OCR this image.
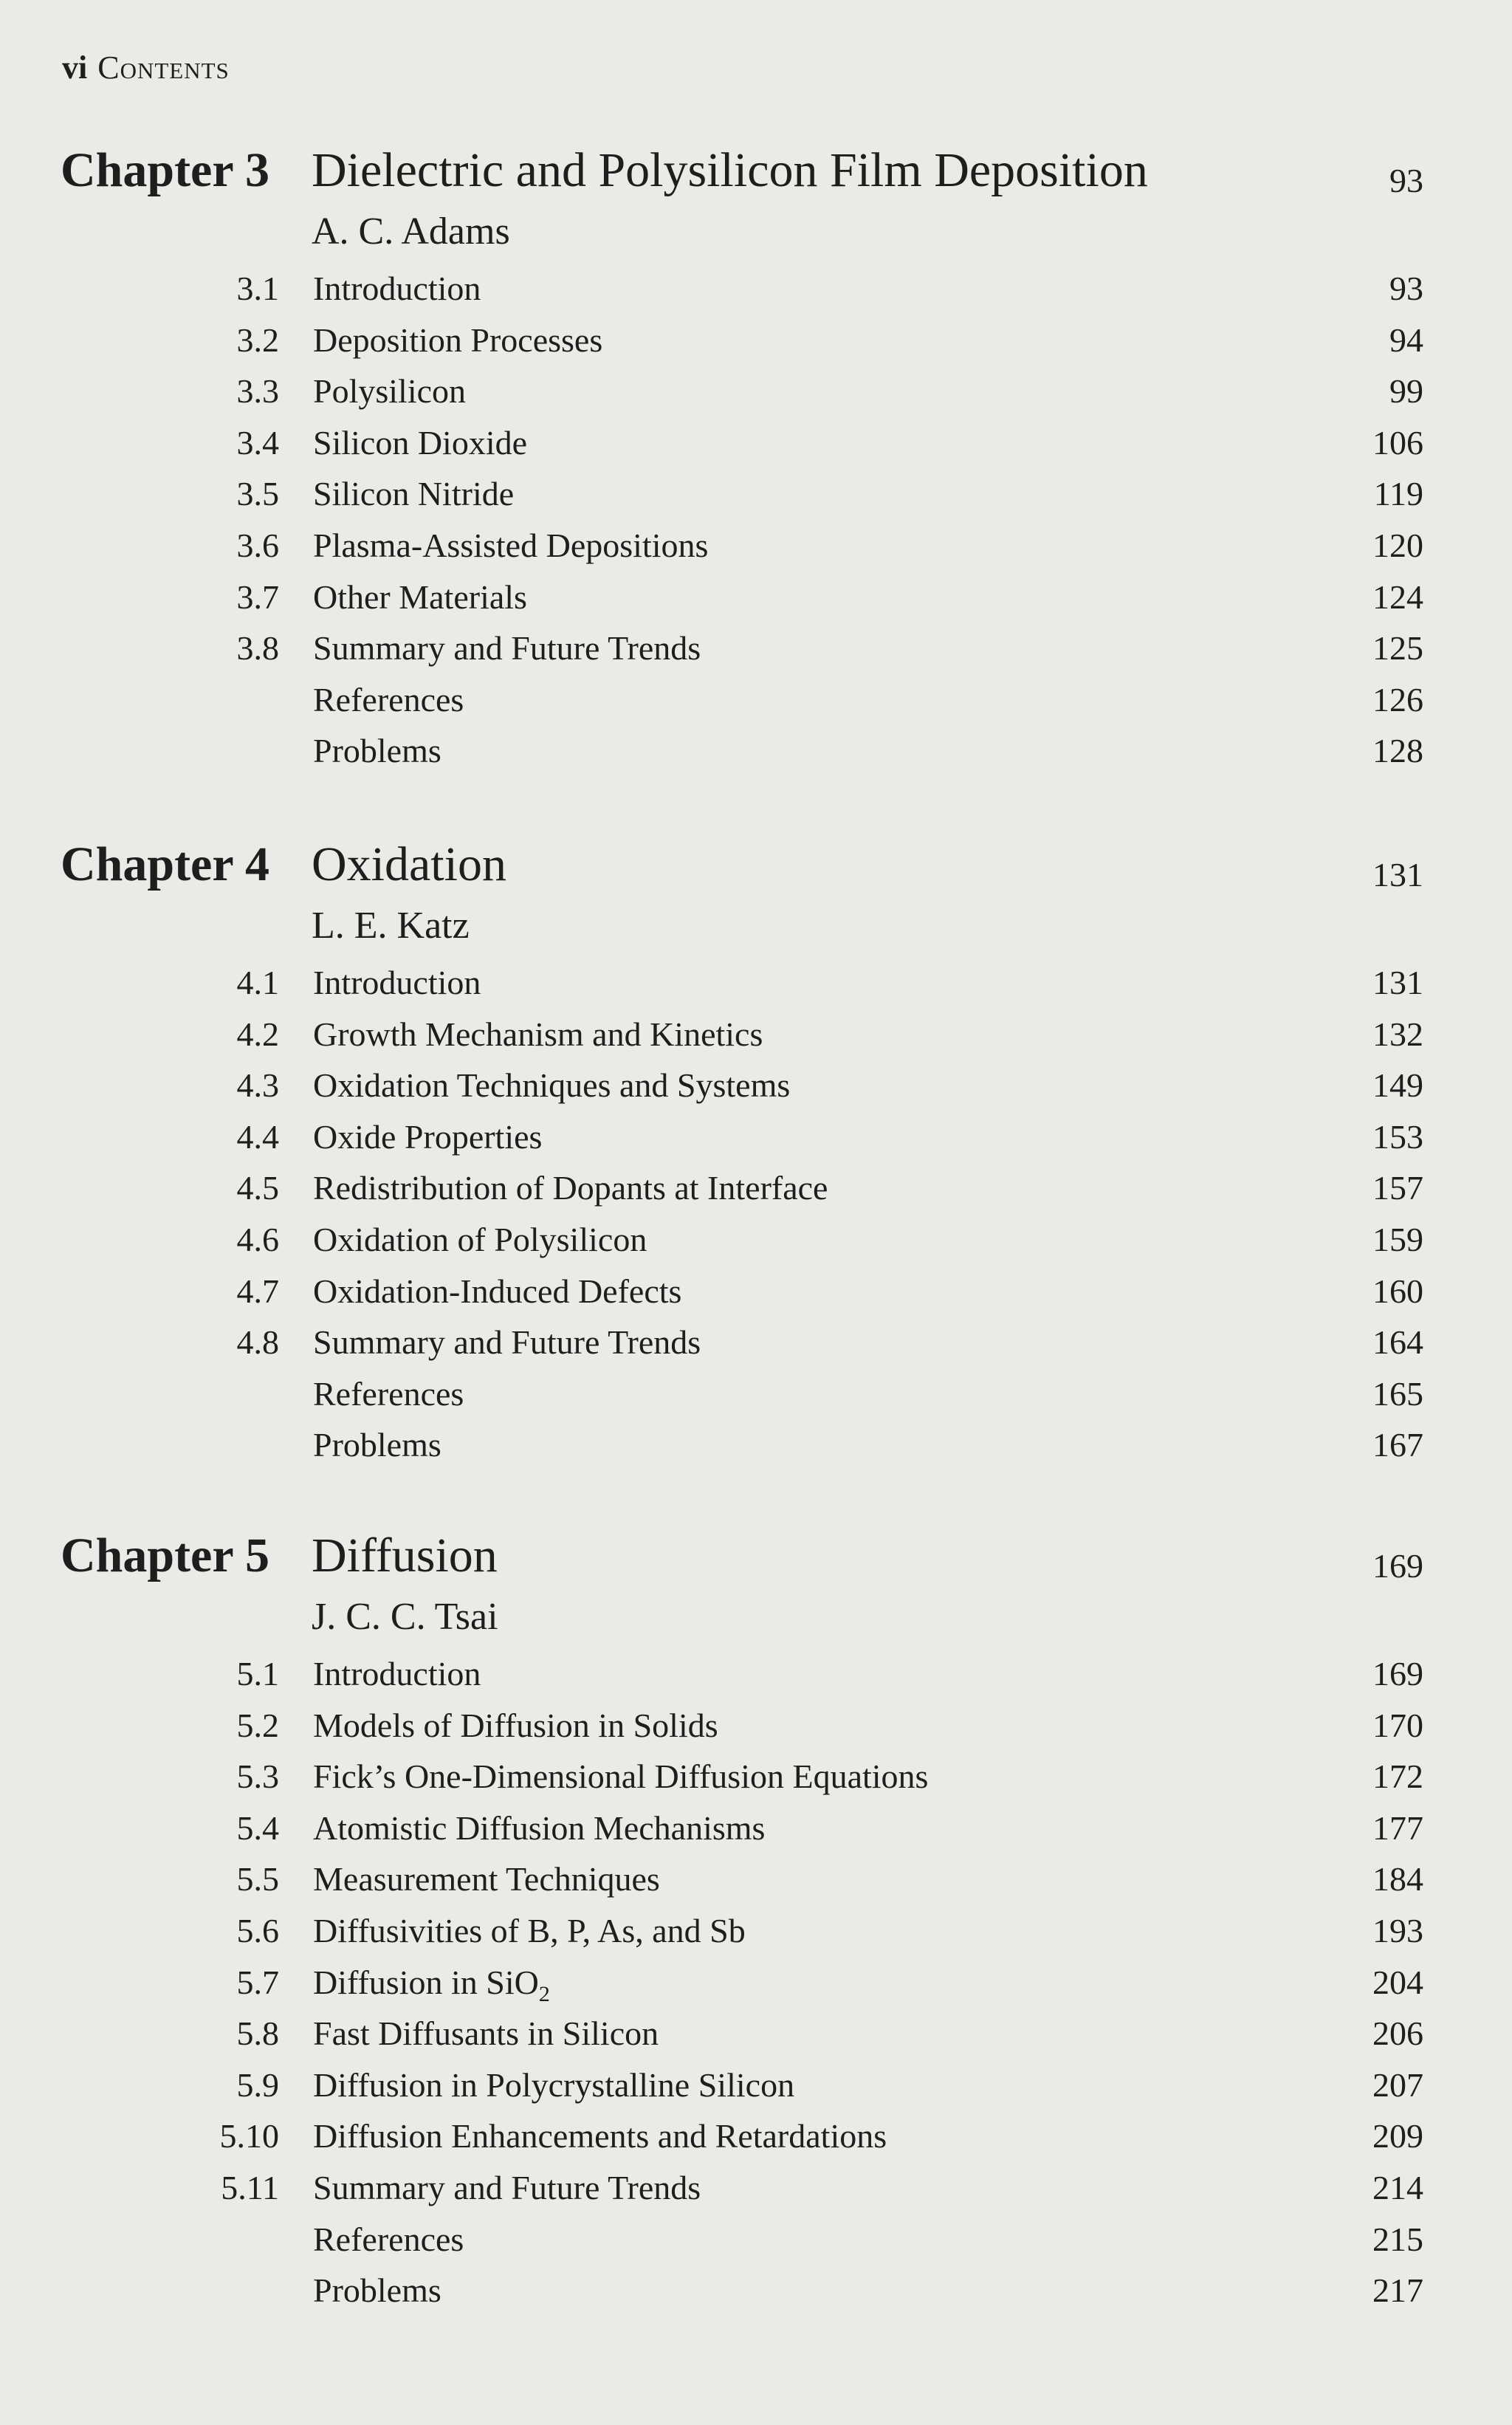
vi Contents
Chapter 3 Dielectric and Polysilicon Film Deposition	93
A. C. Adams
3.1 Introduction	93
3.2 Deposition Processes	94
3.3 Polysilicon	99
3.4 Silicon Dioxide	106
3.5 Silicon Nitride	119
3.6 Plasma-Assisted Depositions	120
3.7 Other Materials	124
3.8 Summary and Future Trends	125
References	126
Problems	128
Chapter 4 Oxidation	131
L. E. Katz
4.1 Introduction	131
4.2 Growth Mechanism and Kinetics	132
4.3 Oxidation Techniques and Systems	149
4.4 Oxide Properties	153
4.5 Redistribution of Dopants at Interface	157
4.6 Oxidation of Polysilicon	159
4.7 Oxidation-Induced Defects	160
4.8 Summary and Future Trends	164
References	165
Problems	167
Chapter 5 Diffusion	169
J. C. C. Tsai
5.1 Introduction	169
5.2 Models of Diffusion in Solids	170
5.3 Fick’s One-Dimensional Diffusion Equations	172
5.4 Atomistic Diffusion Mechanisms	177
5.5 Measurement Techniques	184
5.6 Diffusivities of B, P, As, and Sb	193
5.7 Diffusion in SiO$_2$	204
5.8 Fast Diffusants in Silicon	206
5.9 Diffusion in Polycrystalline Silicon	207
5.10 Diffusion Enhancements and Retardations	209
5.11 Summary and Future Trends	214
References	215
Problems	217
